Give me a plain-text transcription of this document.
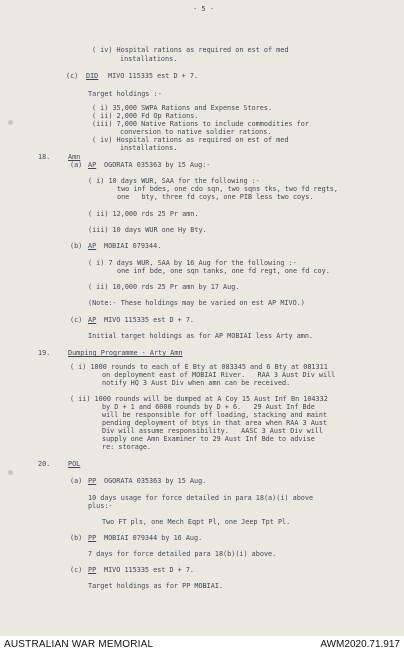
- 5 -
( iv) Hospital rations as required on est of med
installations.
(c) DID MIVO 115335 est D + 7.
Target holdings :-
( i) 35,000 SWPA Rations and Expense Stores.
( ii) 2,000 Fd Op Rations.
(iii) 7,000 Native Rations to include commodities for
conversion to native soldier rations.
( iv) Hospital rations as required on est of med
installations.
18.	Amn
(a) AP OGORATA 035363 by 15 Aug:-
( i) 10 days WUR, SAA for the following :-
two inf bdes, one cdo sqn, two sqns tks, two fd regts,
one   bty, three fd coys, one PIB less two coys.
( ii) 12,000 rds 25 Pr amn.
(iii) 10 days WUR one Hy Bty.
(b) AP MOBIAI 079344.
( i) 7 days WUR, SAA by 16 Aug for the following :-
one inf bde, one sqn tanks, one fd regt, one fd coy.
( ii) 10,000 rds 25 Pr amn by 17 Aug.
(Note:- These holdings may be varied on est AP MIVO.)
(c) AP MIVO 115335 est D + 7.
Initial target holdings as for AP MOBIAI less Arty amn.
19.	Dumping Programme - Arty Amn
( i) 1000 rounds to each of E Bty at 083345 and 6 Bty at 081311
on deployment east of MOBIAI River.   RAA 3 Aust Div will
notify HQ 3 Aust Div when amn can be received.
( ii) 1000 rounds will be dumped at A Coy 15 Aust Inf Bn 104332
by D + 1 and 6000 rounds by D + 6.   29 Aust Inf Bde
will be responsible for off loading, stacking and maint
pending deployment of btys in that area when RAA 3 Aust
Div will assume responsibility.   AASC 3 Aust Div will
supply one Amn Examiner to 29 Aust Inf Bde to advise
re: storage.
20.	POL
(a) PP OGORATA 035363 by 15 Aug.
10 days usage for force detailed in para 18(a)(i) above
plus:-
Two FT pls, one Mech Eqpt Pl, one Jeep Tpt Pl.
(b) PP MOBIAI 079344 by 16 Aug.
7 days for force detailed para 18(b)(i) above.
(c) PP MIVO 115335 est D + 7.
Target holdings as for PP MOBIAI.
AUSTRALIAN WAR MEMORIAL	AWM2020.71.917
